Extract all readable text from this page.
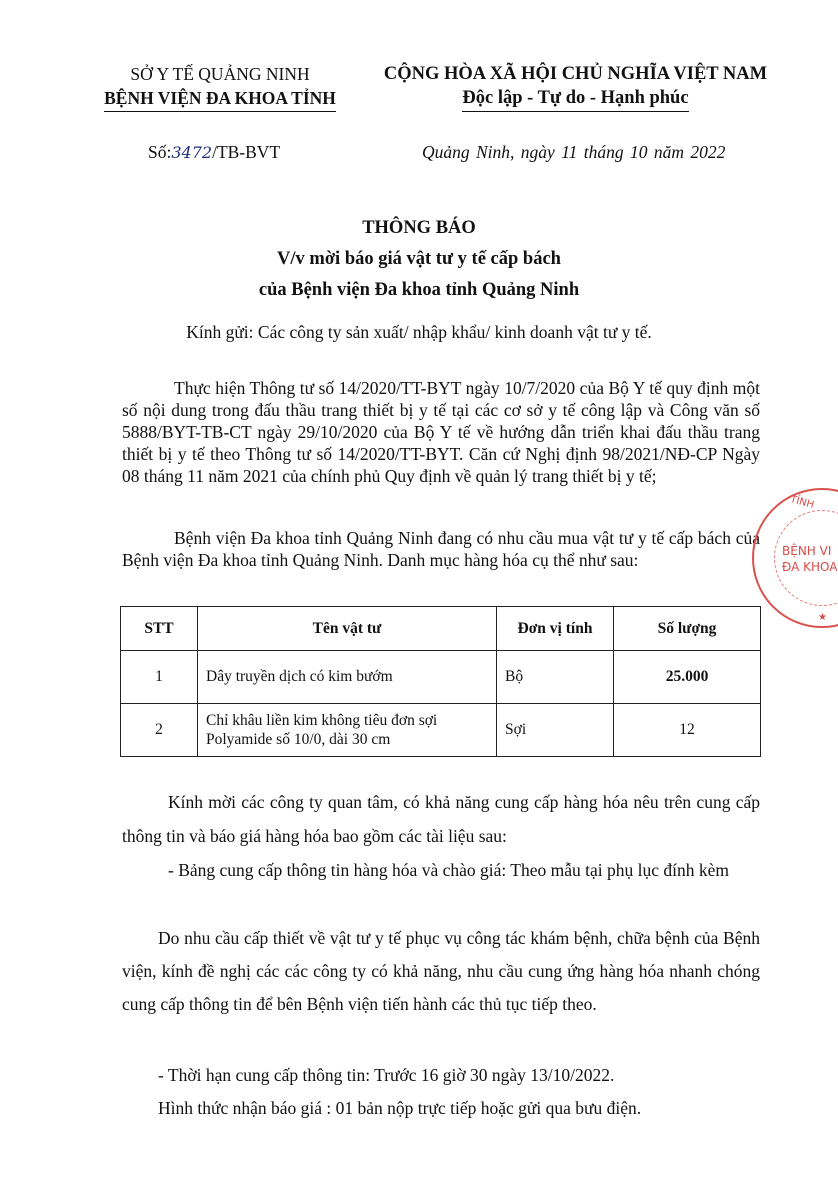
SỞ Y TẾ QUẢNG NINH
BỆNH VIỆN ĐA KHOA TỈNH
CỘNG HÒA XÃ HỘI CHỦ NGHĨA VIỆT NAM
Độc lập - Tự do - Hạnh phúc
Số:3472/TB-BVT	Quảng Ninh, ngày 11 tháng 10 năm 2022
THÔNG BÁO
V/v mời báo giá vật tư y tế cấp bách
của Bệnh viện Đa khoa tỉnh Quảng Ninh
Kính gửi: Các công ty sản xuất/ nhập khẩu/ kinh doanh vật tư y tế.

Thực hiện Thông tư số 14/2020/TT-BYT ngày 10/7/2020 của Bộ Y tế quy định một số nội dung trong đấu thầu trang thiết bị y tế tại các cơ sở y tế công lập và Công văn số 5888/BYT-TB-CT ngày 29/10/2020 của Bộ Y tế về hướng dẫn triển khai đấu thầu trang thiết bị y tế theo Thông tư số 14/2020/TT-BYT. Căn cứ Nghị định 98/2021/NĐ-CP Ngày 08 tháng 11 năm 2021 của chính phủ Quy định về quản lý trang thiết bị y tế;

Bệnh viện Đa khoa tỉnh Quảng Ninh đang có nhu cầu mua vật tư y tế cấp bách của Bệnh viện Đa khoa tỉnh Quảng Ninh. Danh mục hàng hóa cụ thể như sau:

TỈNH
BỆNH VI
ĐA KHOA
★
STT	Tên vật tư	Đơn vị tính	Số lượng
1	Dây truyền dịch có kim bướm	Bộ	25.000
2	Chỉ khâu liền kim không tiêu đơn sợi Polyamide số 10/0, dài 30 cm	Sợi	12

Kính mời các công ty quan tâm, có khả năng cung cấp hàng hóa nêu trên cung cấp thông tin và báo giá hàng hóa bao gồm các tài liệu sau:

- Bảng cung cấp thông tin hàng hóa và chào giá: Theo mẫu tại phụ lục đính kèm

Do nhu cầu cấp thiết về vật tư y tế phục vụ công tác khám bệnh, chữa bệnh của Bệnh viện, kính đề nghị các các công ty có khả năng, nhu cầu cung ứng hàng hóa nhanh chóng cung cấp thông tin để bên Bệnh viện tiến hành các thủ tục tiếp theo.

- Thời hạn cung cấp thông tin: Trước 16 giờ 30 ngày 13/10/2022.

Hình thức nhận báo giá : 01 bản nộp trực tiếp hoặc gửi qua bưu điện.
